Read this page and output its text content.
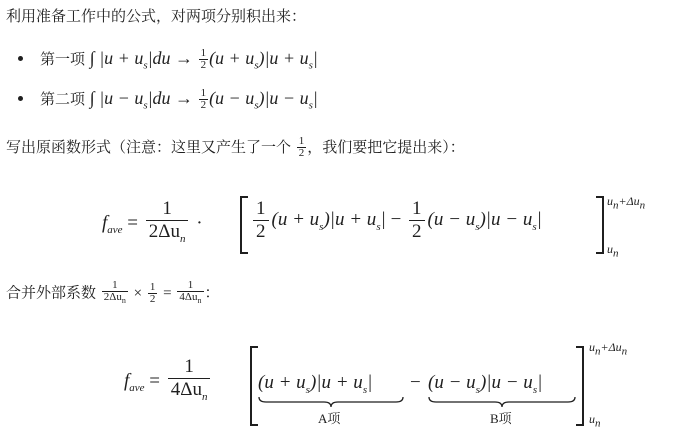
利用准备工作中的公式，对两项分别积出来：
第一项 ∫ $|u + u_s|du \to \frac{1}{2} (u + u_s)|u + u_s|$
第二项 ∫ $|u - u_s|du \to \frac{1}{2} (u - u_s)|u - u_s|$
写出原函数形式（注意：这里又产生了一个 $\frac{1}{2}$ ，我们要把它提出来）：
$f_{ave} = \frac{1}{2\Delta u_n}$ ·	$\frac{1}{2} (u + u_s)|u + u_s| - \frac{1}{2} (u - u_s)|u - u_s|$
$u_n+\Delta u_n$
$u_n$
合并外部系数 $\frac{1}{2\Delta u_n} \times \frac{1}{2} = \frac{1}{4\Delta u_n}$ ：
$f_{ave} = \frac{1}{4\Delta u_n}$	$(u + u_s)|u + u_s|$
A项
− $(u - u_s)|u - u_s|$
B项
$u_n+\Delta u_n$
$u_n$
